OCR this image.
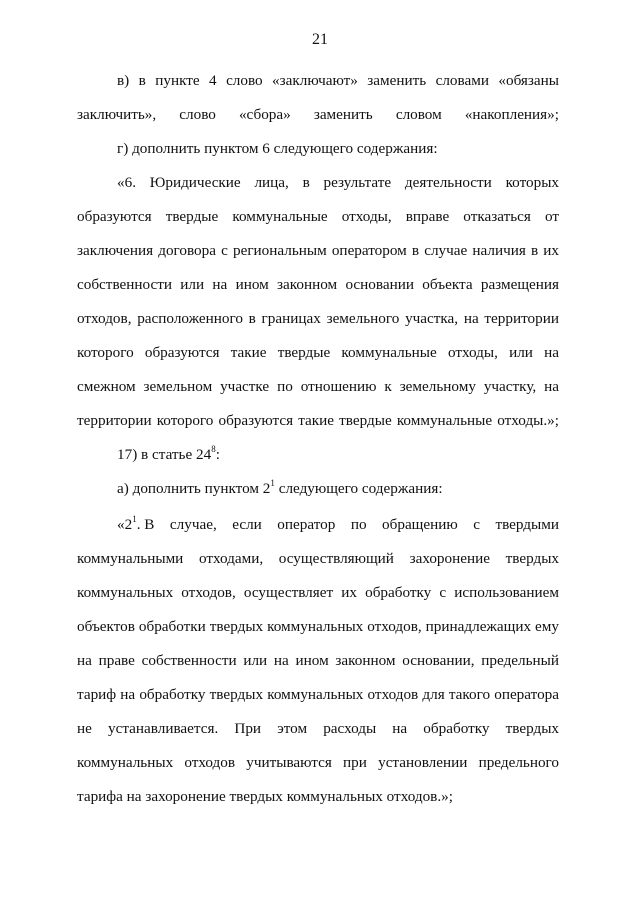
21
в) в пункте 4 слово «заключают» заменить словами «обязаны
заключить», слово «сбора» заменить словом «накопления»;
г) дополнить пунктом 6 следующего содержания:
«6. Юридические лица, в результате деятельности которых
образуются твердые коммунальные отходы, вправе отказаться от
заключения договора с региональным оператором в случае наличия в их
собственности или на ином законном основании объекта размещения
отходов, расположенного в границах земельного участка, на территории
которого образуются такие твердые коммунальные отходы, или на
смежном земельном участке по отношению к земельному участку, на
территории которого образуются такие твердые коммунальные отходы.»;
17) в статье $24^8$:
а) дополнить пунктом $2^1$ следующего содержания:
«$2^1$. В случае, если оператор по обращению с твердыми
коммунальными отходами, осуществляющий захоронение твердых
коммунальных отходов, осуществляет их обработку с использованием
объектов обработки твердых коммунальных отходов, принадлежащих ему
на праве собственности или на ином законном основании, предельный
тариф на обработку твердых коммунальных отходов для такого оператора
не устанавливается. При этом расходы на обработку твердых
коммунальных отходов учитываются при установлении предельного
тарифа на захоронение твердых коммунальных отходов.»;
